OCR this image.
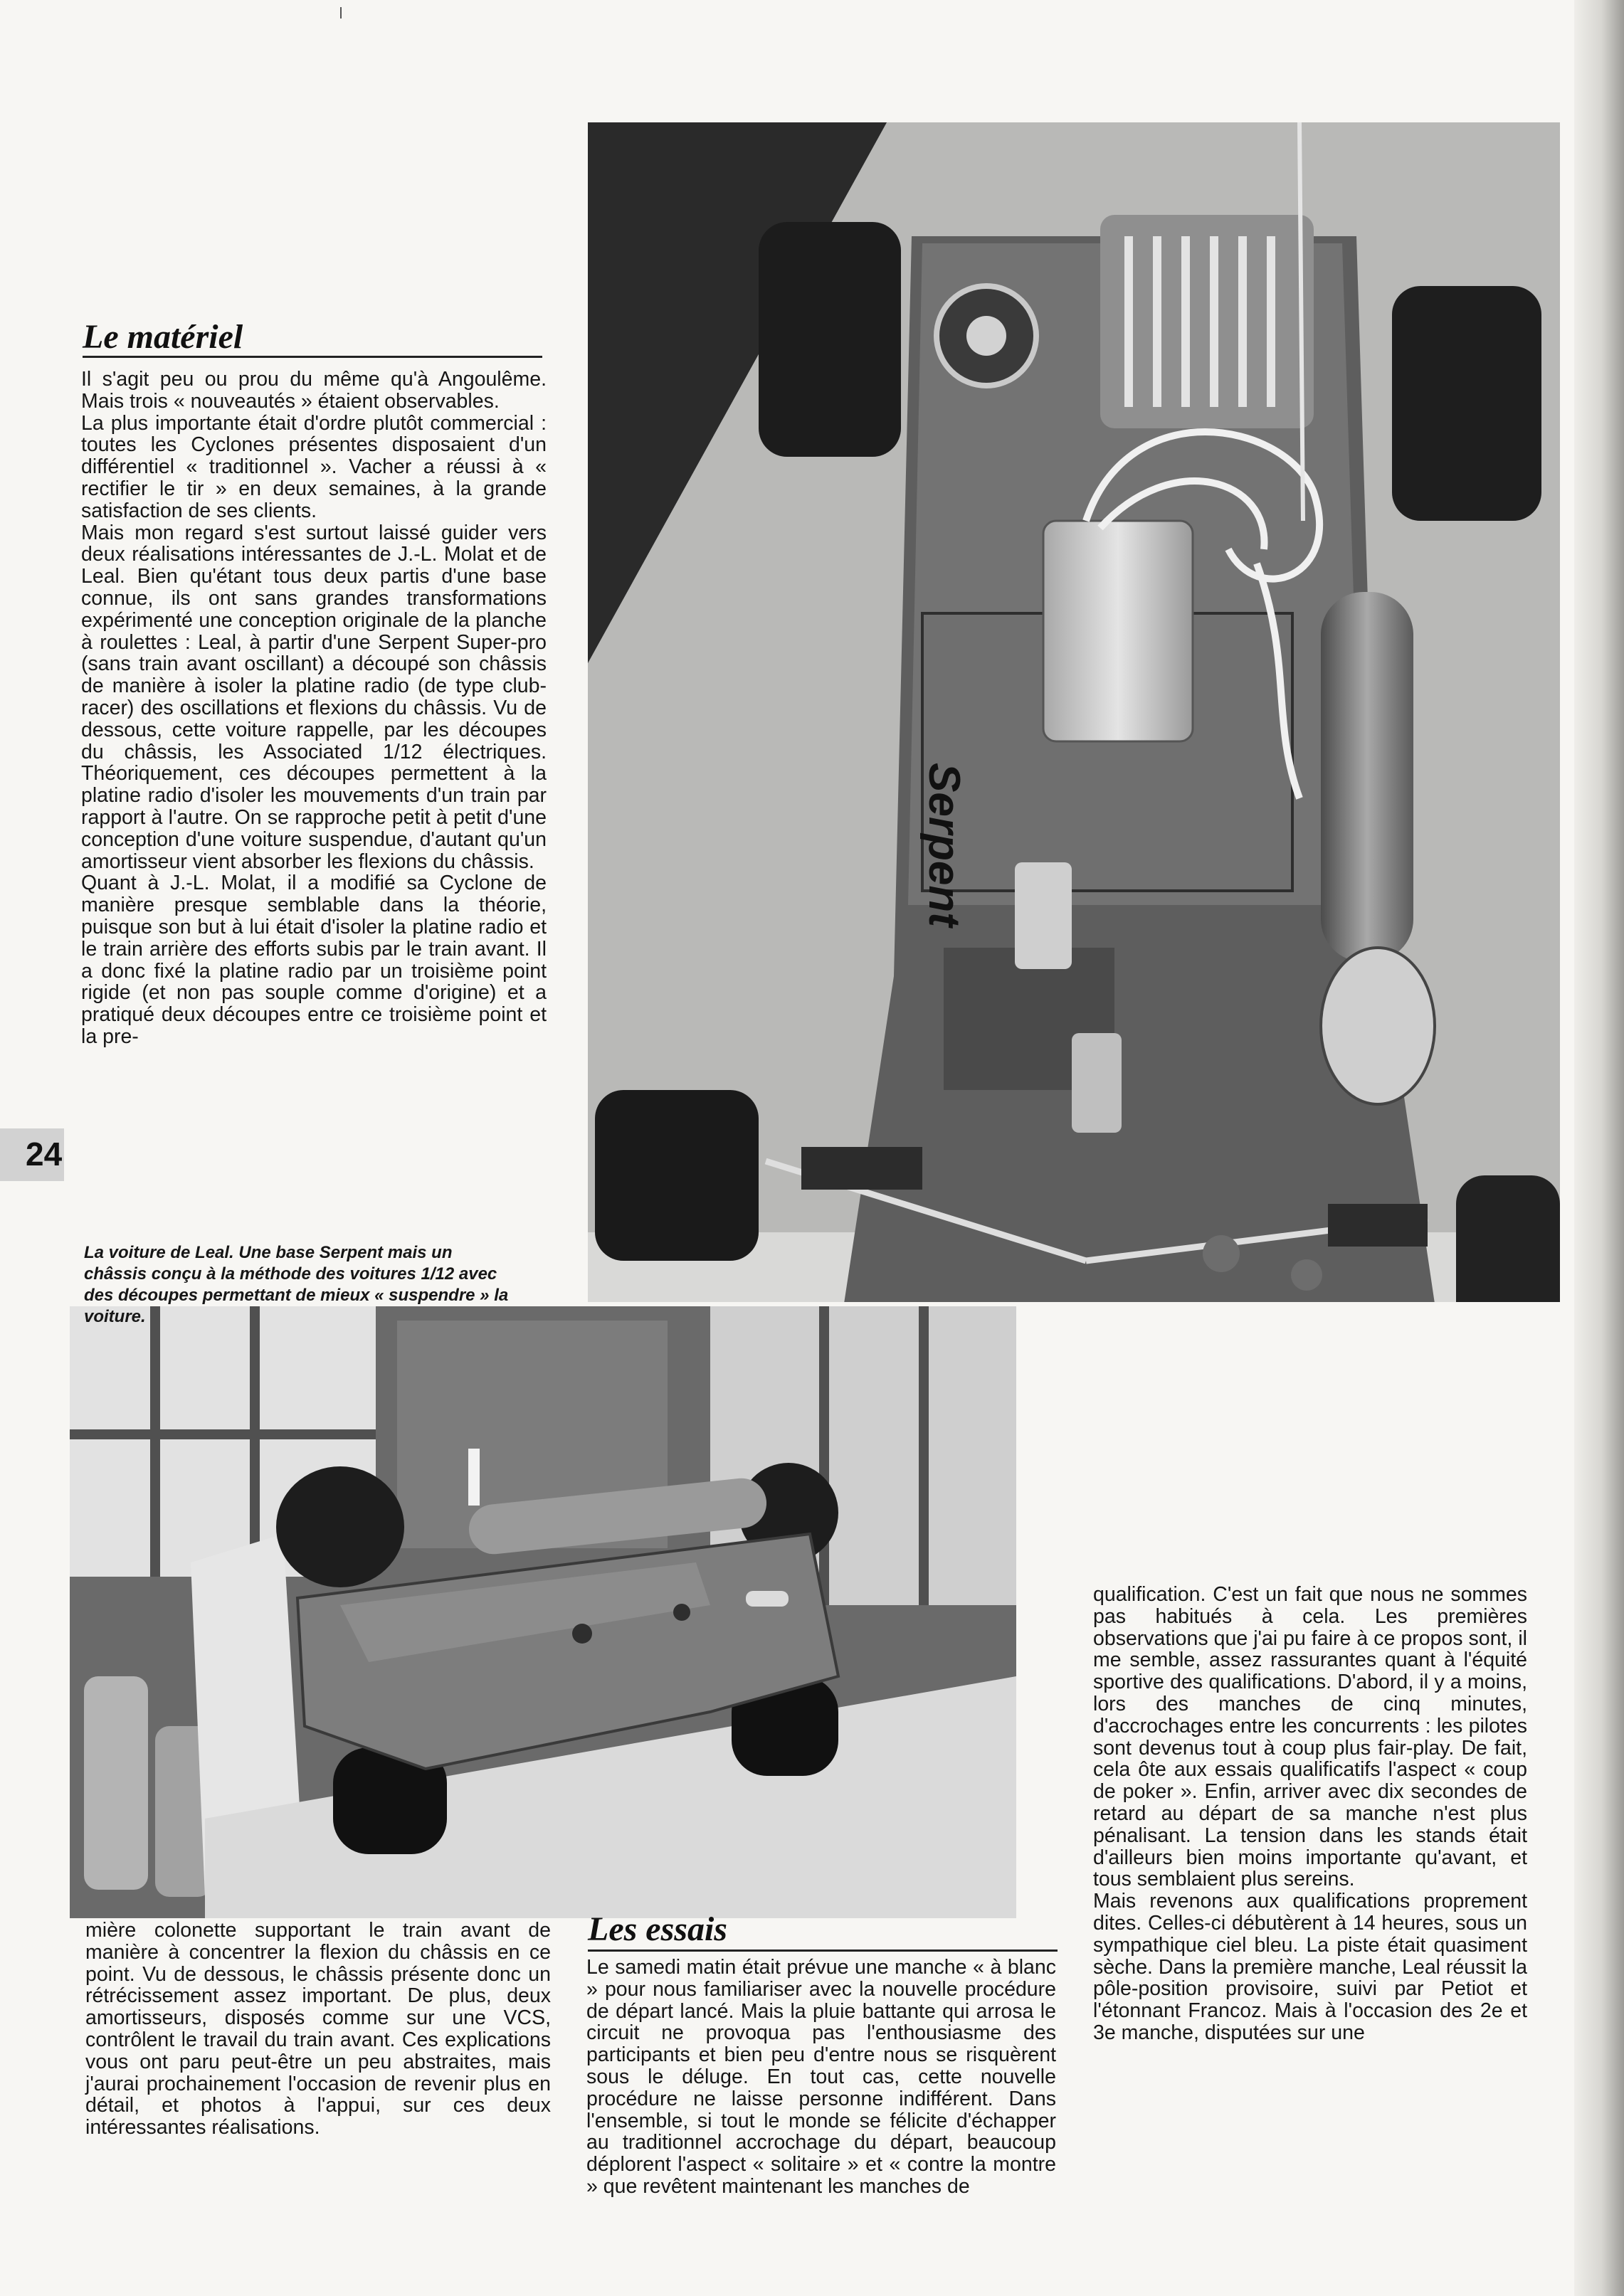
Serpent
Le matériel

Il s'agit peu ou prou du même qu'à Angoulême. Mais trois « nouveautés » étaient observables.

La plus importante était d'ordre plutôt commercial : toutes les Cyclones présentes disposaient d'un différentiel « traditionnel ». Vacher a réussi à « rectifier le tir » en deux semaines, à la grande satisfaction de ses clients.

Mais mon regard s'est surtout laissé guider vers deux réalisations intéressantes de J.-L. Molat et de Leal. Bien qu'étant tous deux partis d'une base connue, ils ont sans grandes transformations expérimenté une conception originale de la planche à roulettes : Leal, à partir d'une Serpent Super-pro (sans train avant oscillant) a découpé son châssis de manière à isoler la platine radio (de type club-racer) des oscillations et flexions du châssis. Vu de dessous, cette voiture rappelle, par les découpes du châssis, les Associated 1/12 électriques. Théoriquement, ces découpes permettent à la platine radio d'isoler les mouvements d'un train par rapport à l'autre. On se rapproche petit à petit d'une conception d'une voiture suspendue, d'autant qu'un amortisseur vient absorber les flexions du châssis.

Quant à J.-L. Molat, il a modifié sa Cyclone de manière presque semblable dans la théorie, puisque son but à lui était d'isoler la platine radio et le train arrière des efforts subis par le train avant. Il a donc fixé la platine radio par un troisième point rigide (et non pas souple comme d'origine) et a pratiqué deux découpes entre ce troisième point et la pre-

24

La voiture de Leal. Une base Serpent mais un châssis conçu à la méthode des voitures 1/12 avec des découpes permettant de mieux « suspendre » la voiture.

mière colonette supportant le train avant de manière à concentrer la flexion du châssis en ce point. Vu de dessous, le châssis présente donc un rétrécissement assez important. De plus, deux amortisseurs, disposés comme sur une VCS, contrôlent le travail du train avant. Ces explications vous ont paru peut-être un peu abstraites, mais j'aurai prochainement l'occasion de revenir plus en détail, et photos à l'appui, sur ces deux intéressantes réalisations.

Les essais

Le samedi matin était prévue une manche « à blanc » pour nous familiariser avec la nouvelle procédure de départ lancé. Mais la pluie battante qui arrosa le circuit ne provoqua pas l'enthousiasme des participants et bien peu d'entre nous se risquèrent sous le déluge. En tout cas, cette nouvelle procédure ne laisse personne indifférent. Dans l'ensemble, si tout le monde se félicite d'échapper au traditionnel accrochage du départ, beaucoup déplorent l'aspect « solitaire » et « contre la montre » que revêtent maintenant les manches de

qualification. C'est un fait que nous ne sommes pas habitués à cela. Les premières observations que j'ai pu faire à ce propos sont, il me semble, assez rassurantes quant à l'équité sportive des qualifications. D'abord, il y a moins, lors des manches de cinq minutes, d'accrochages entre les concurrents : les pilotes sont devenus tout à coup plus fair-play. De fait, cela ôte aux essais qualificatifs l'aspect « coup de poker ». Enfin, arriver avec dix secondes de retard au départ de sa manche n'est plus pénalisant. La tension dans les stands était d'ailleurs bien moins importante qu'avant, et tous semblaient plus sereins.

Mais revenons aux qualifications proprement dites. Celles-ci débutèrent à 14 heures, sous un sympathique ciel bleu. La piste était quasiment sèche. Dans la première manche, Leal réussit la pôle-position provisoire, suivi par Petiot et l'étonnant Francoz. Mais à l'occasion des 2e et 3e manche, disputées sur une
